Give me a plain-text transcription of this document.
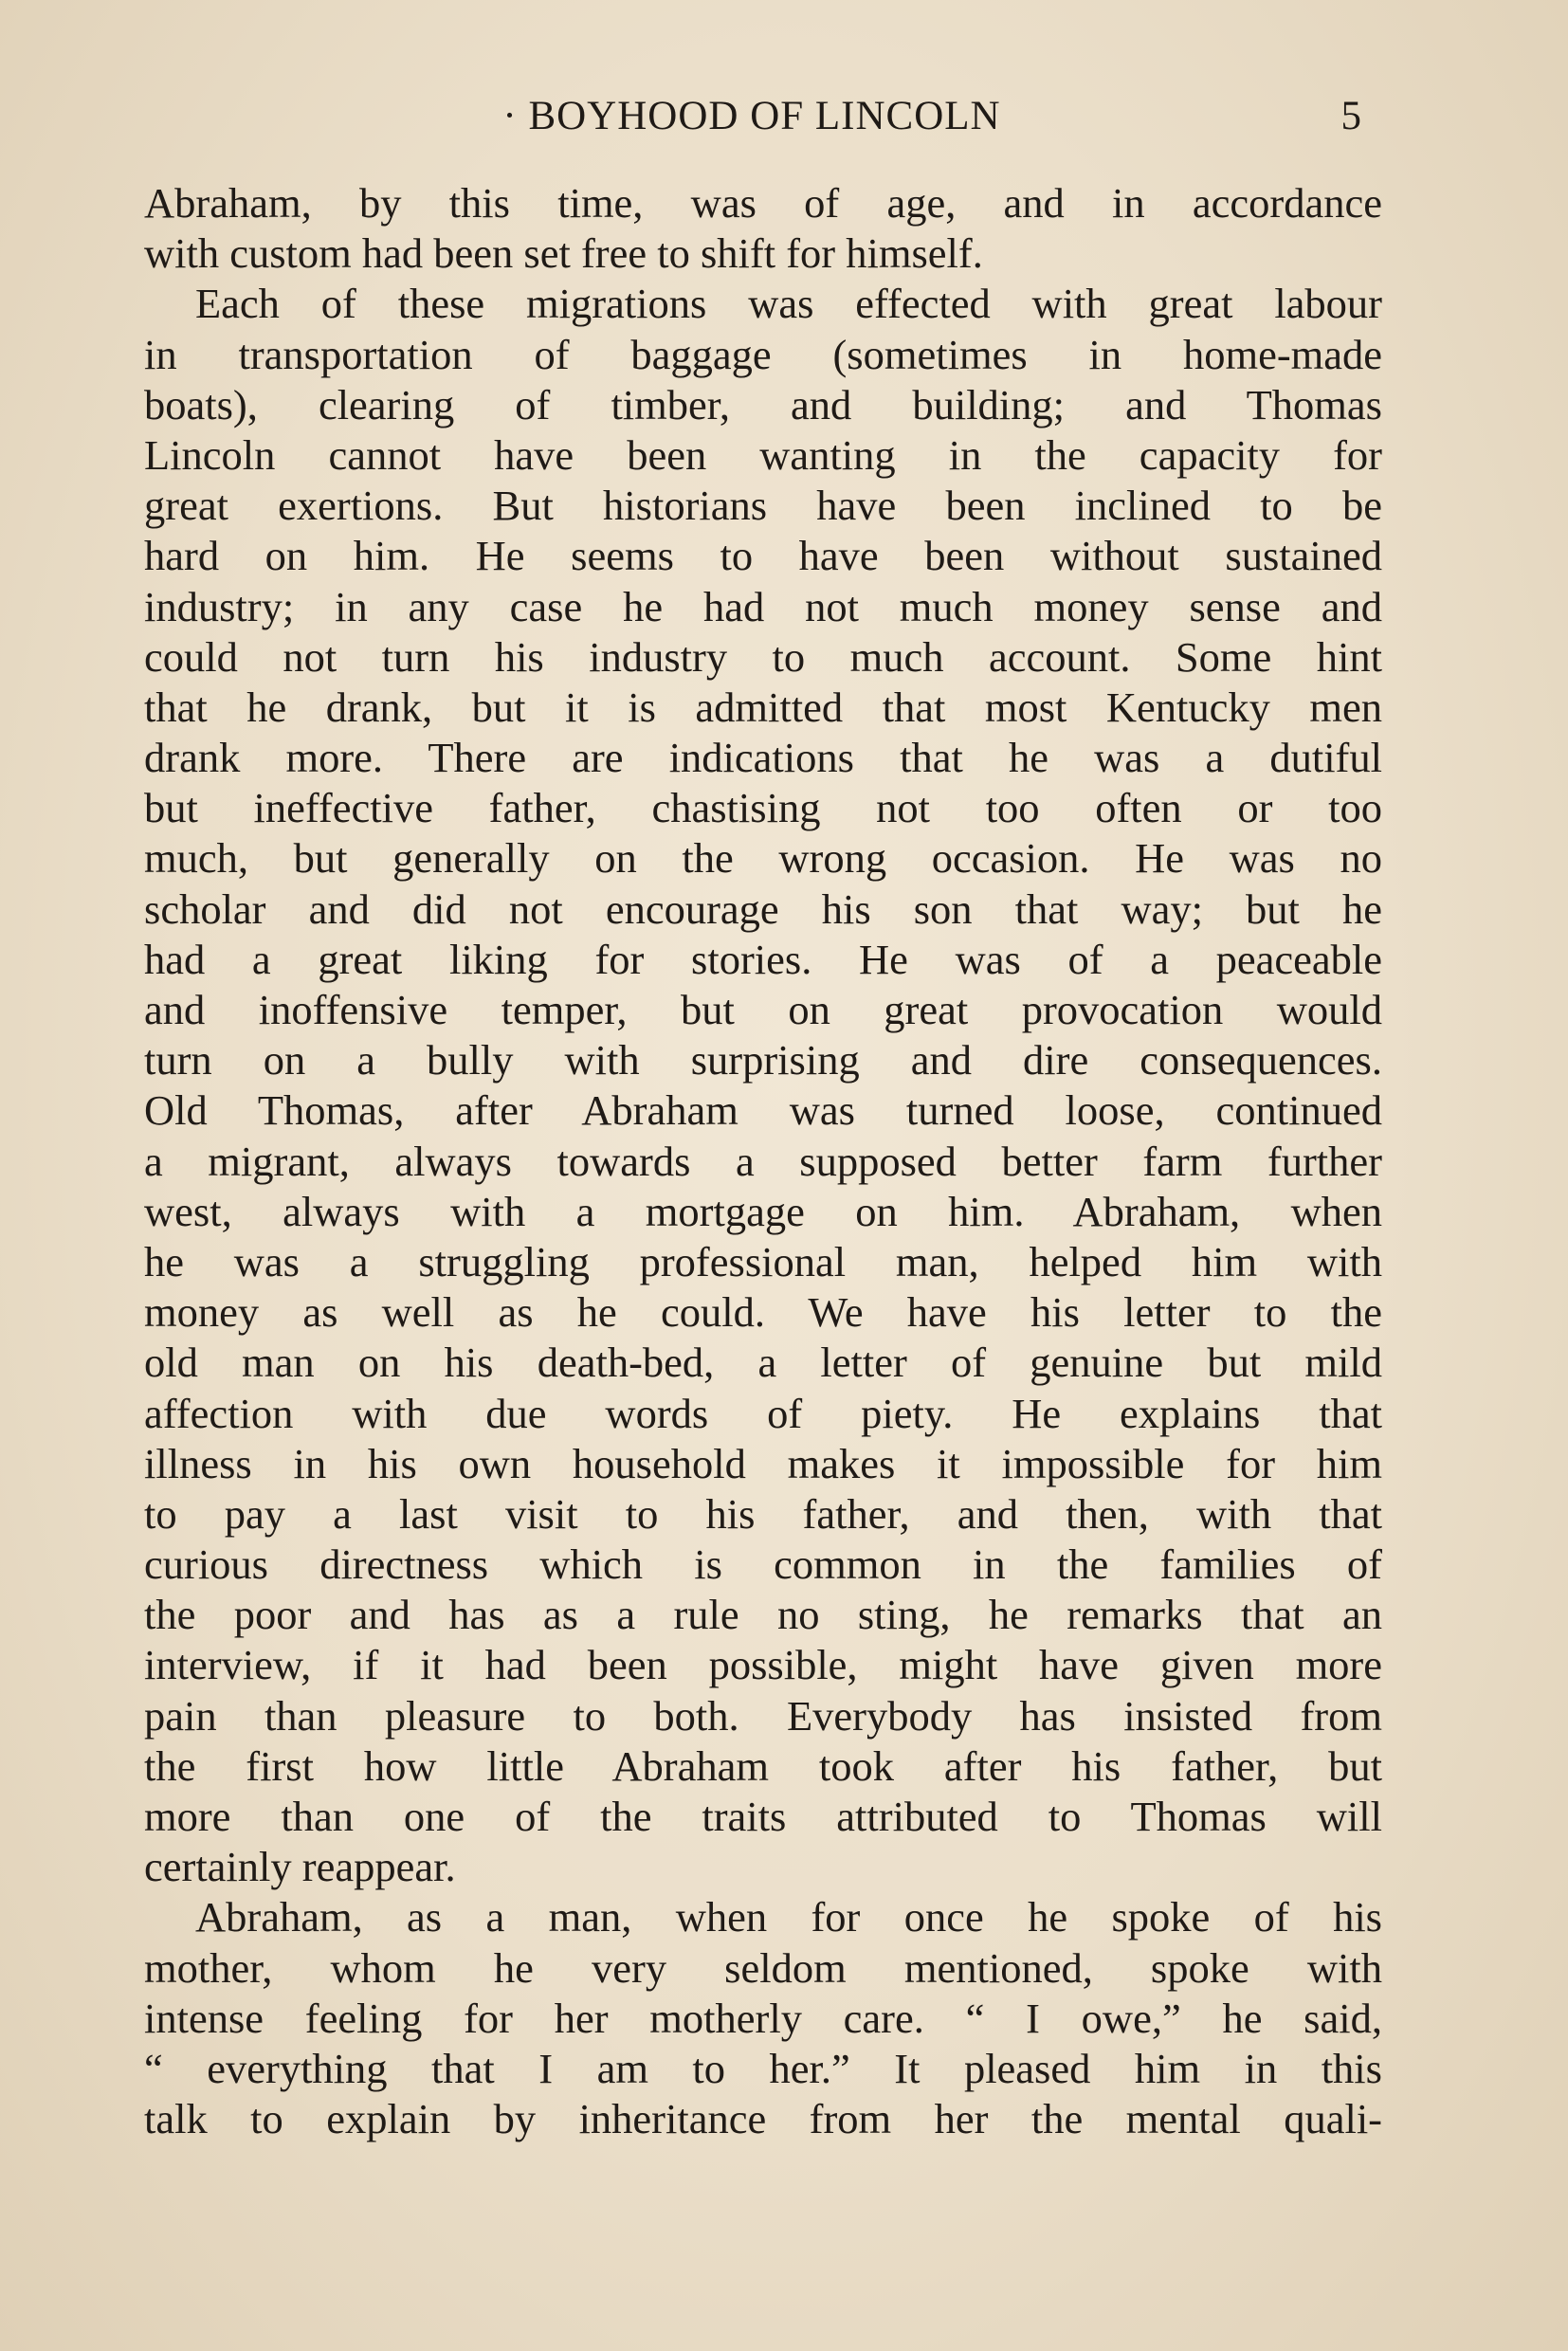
· BOYHOOD OF LINCOLN	5
Abraham, by this time, was of age, and in accordance
with custom had been set free to shift for himself.
Each of these migrations was effected with great labour
in transportation of baggage (sometimes in home-made
boats), clearing of timber, and building; and Thomas
Lincoln cannot have been wanting in the capacity for
great exertions. But historians have been inclined to be
hard on him. He seems to have been without sustained
industry; in any case he had not much money sense and
could not turn his industry to much account. Some hint
that he drank, but it is admitted that most Kentucky men
drank more. There are indications that he was a dutiful
but ineffective father, chastising not too often or too
much, but generally on the wrong occasion. He was no
scholar and did not encourage his son that way; but he
had a great liking for stories. He was of a peaceable
and inoffensive temper, but on great provocation would
turn on a bully with surprising and dire consequences.
Old Thomas, after Abraham was turned loose, continued
a migrant, always towards a supposed better farm further
west, always with a mortgage on him. Abraham, when
he was a struggling professional man, helped him with
money as well as he could. We have his letter to the
old man on his death-bed, a letter of genuine but mild
affection with due words of piety. He explains that
illness in his own household makes it impossible for him
to pay a last visit to his father, and then, with that
curious directness which is common in the families of
the poor and has as a rule no sting, he remarks that an
interview, if it had been possible, might have given more
pain than pleasure to both. Everybody has insisted from
the first how little Abraham took after his father, but
more than one of the traits attributed to Thomas will
certainly reappear.
Abraham, as a man, when for once he spoke of his
mother, whom he very seldom mentioned, spoke with
intense feeling for her motherly care. “ I owe,” he said,
“ everything that I am to her.” It pleased him in this
talk to explain by inheritance from her the mental quali-
